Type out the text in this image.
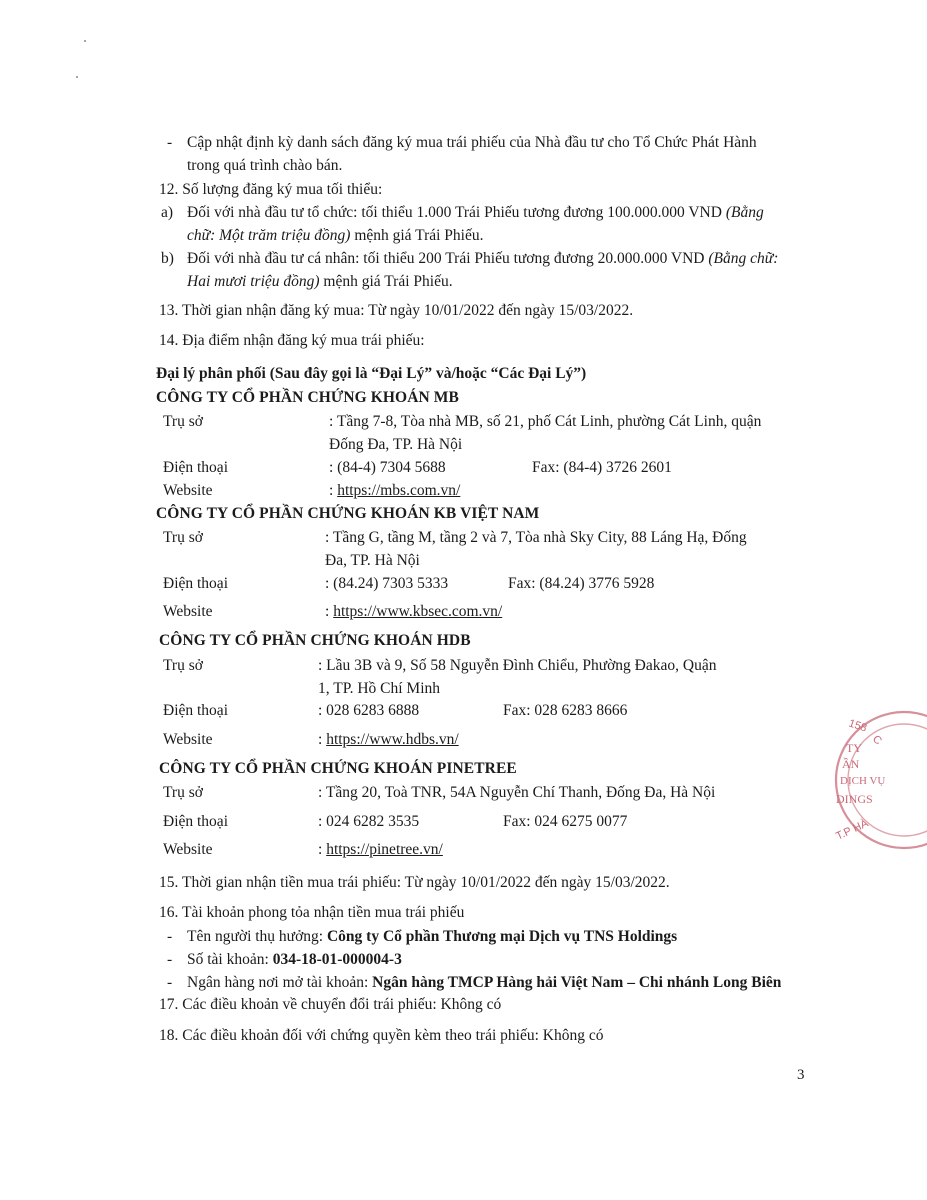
- Cập nhật định kỳ danh sách đăng ký mua trái phiếu của Nhà đầu tư cho Tổ Chức Phát Hành
trong quá trình chào bán.
12. Số lượng đăng ký mua tối thiểu:
a) Đối với nhà đầu tư tổ chức: tối thiểu 1.000 Trái Phiếu tương đương 100.000.000 VND (Bằng
chữ: Một trăm triệu đồng) mệnh giá Trái Phiếu.
b) Đối với nhà đầu tư cá nhân: tối thiểu 200 Trái Phiếu tương đương 20.000.000 VND (Bằng chữ:
Hai mươi triệu đồng) mệnh giá Trái Phiếu.
13. Thời gian nhận đăng ký mua: Từ ngày 10/01/2022 đến ngày 15/03/2022.
14. Địa điểm nhận đăng ký mua trái phiếu:
Đại lý phân phối (Sau đây gọi là “Đại Lý” và/hoặc “Các Đại Lý”)
CÔNG TY CỔ PHẦN CHỨNG KHOÁN MB
Trụ sở	: Tầng 7-8, Tòa nhà MB, số 21, phố Cát Linh, phường Cát Linh, quận
Đống Đa, TP. Hà Nội
Điện thoại	: (84-4) 7304 5688	Fax: (84-4) 3726 2601
Website	: https://mbs.com.vn/
CÔNG TY CỔ PHẦN CHỨNG KHOÁN KB VIỆT NAM
Trụ sở	: Tầng G, tầng M, tầng 2 và 7, Tòa nhà Sky City, 88 Láng Hạ, Đống
Đa, TP. Hà Nội
Điện thoại	: (84.24) 7303 5333	Fax: (84.24) 3776 5928
Website	: https://www.kbsec.com.vn/
CÔNG TY CỔ PHẦN CHỨNG KHOÁN HDB
Trụ sở	: Lầu 3B và 9, Số 58 Nguyễn Đình Chiểu, Phường Đakao, Quận
1, TP. Hồ Chí Minh
Điện thoại	: 028 6283 6888	Fax: 028 6283 8666
Website	: https://www.hdbs.vn/
CÔNG TY CỔ PHẦN CHỨNG KHOÁN PINETREE
Trụ sở	: Tầng 20, Toà TNR, 54A Nguyễn Chí Thanh, Đống Đa, Hà Nội
Điện thoại	: 024 6282 3535	Fax: 024 6275 0077
Website	: https://pinetree.vn/
15. Thời gian nhận tiền mua trái phiếu: Từ ngày 10/01/2022 đến ngày 15/03/2022.
16. Tài khoản phong tỏa nhận tiền mua trái phiếu
- Tên người thụ hưởng: Công ty Cổ phần Thương mại Dịch vụ TNS Holdings
- Số tài khoản: 034-18-01-000004-3
- Ngân hàng nơi mở tài khoản: Ngân hàng TMCP Hàng hải Việt Nam – Chi nhánh Long Biên
17. Các điều khoản về chuyển đổi trái phiếu: Không có
18. Các điều khoản đối với chứng quyền kèm theo trái phiếu: Không có
158
C
TY
ẦN
DỊCH VỤ
DINGS
T.P HÀ
3
